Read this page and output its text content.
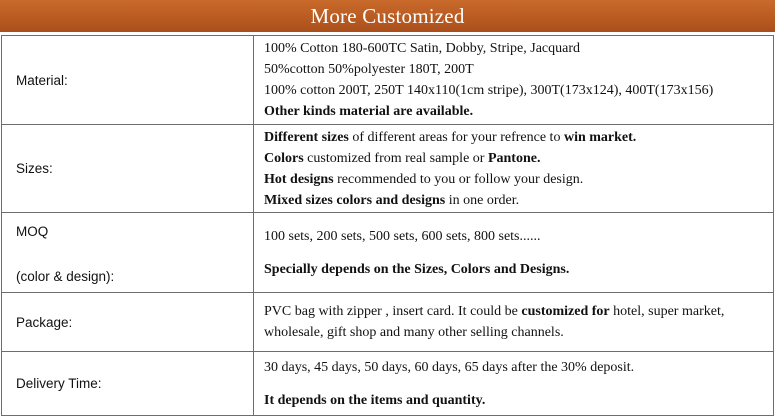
More Customized
Material:	100% Cotton 180-600TC Satin, Dobby, Stripe, Jacquard
50%cotton 50%polyester 180T, 200T
100% cotton 200T, 250T 140x110(1cm stripe), 300T(173x124), 400T(173x156)
Other kinds material are available.

Sizes:	Different sizes of different areas for your refrence to win market.
Colors customized from real sample or Pantone.
Hot designs recommended to you or follow your design.
Mixed sizes colors and designs in one order.

MOQ
(color & design):	100 sets, 200 sets, 500 sets, 600 sets, 800 sets......
Specially depends on the Sizes, Colors and Designs.

Package:	PVC bag with zipper , insert card. It could be customized for hotel, super market,
wholesale, gift shop and many other selling channels.

Delivery Time:	30 days, 45 days, 50 days, 60 days, 65 days after the 30% deposit.
It depends on the items and quantity.
